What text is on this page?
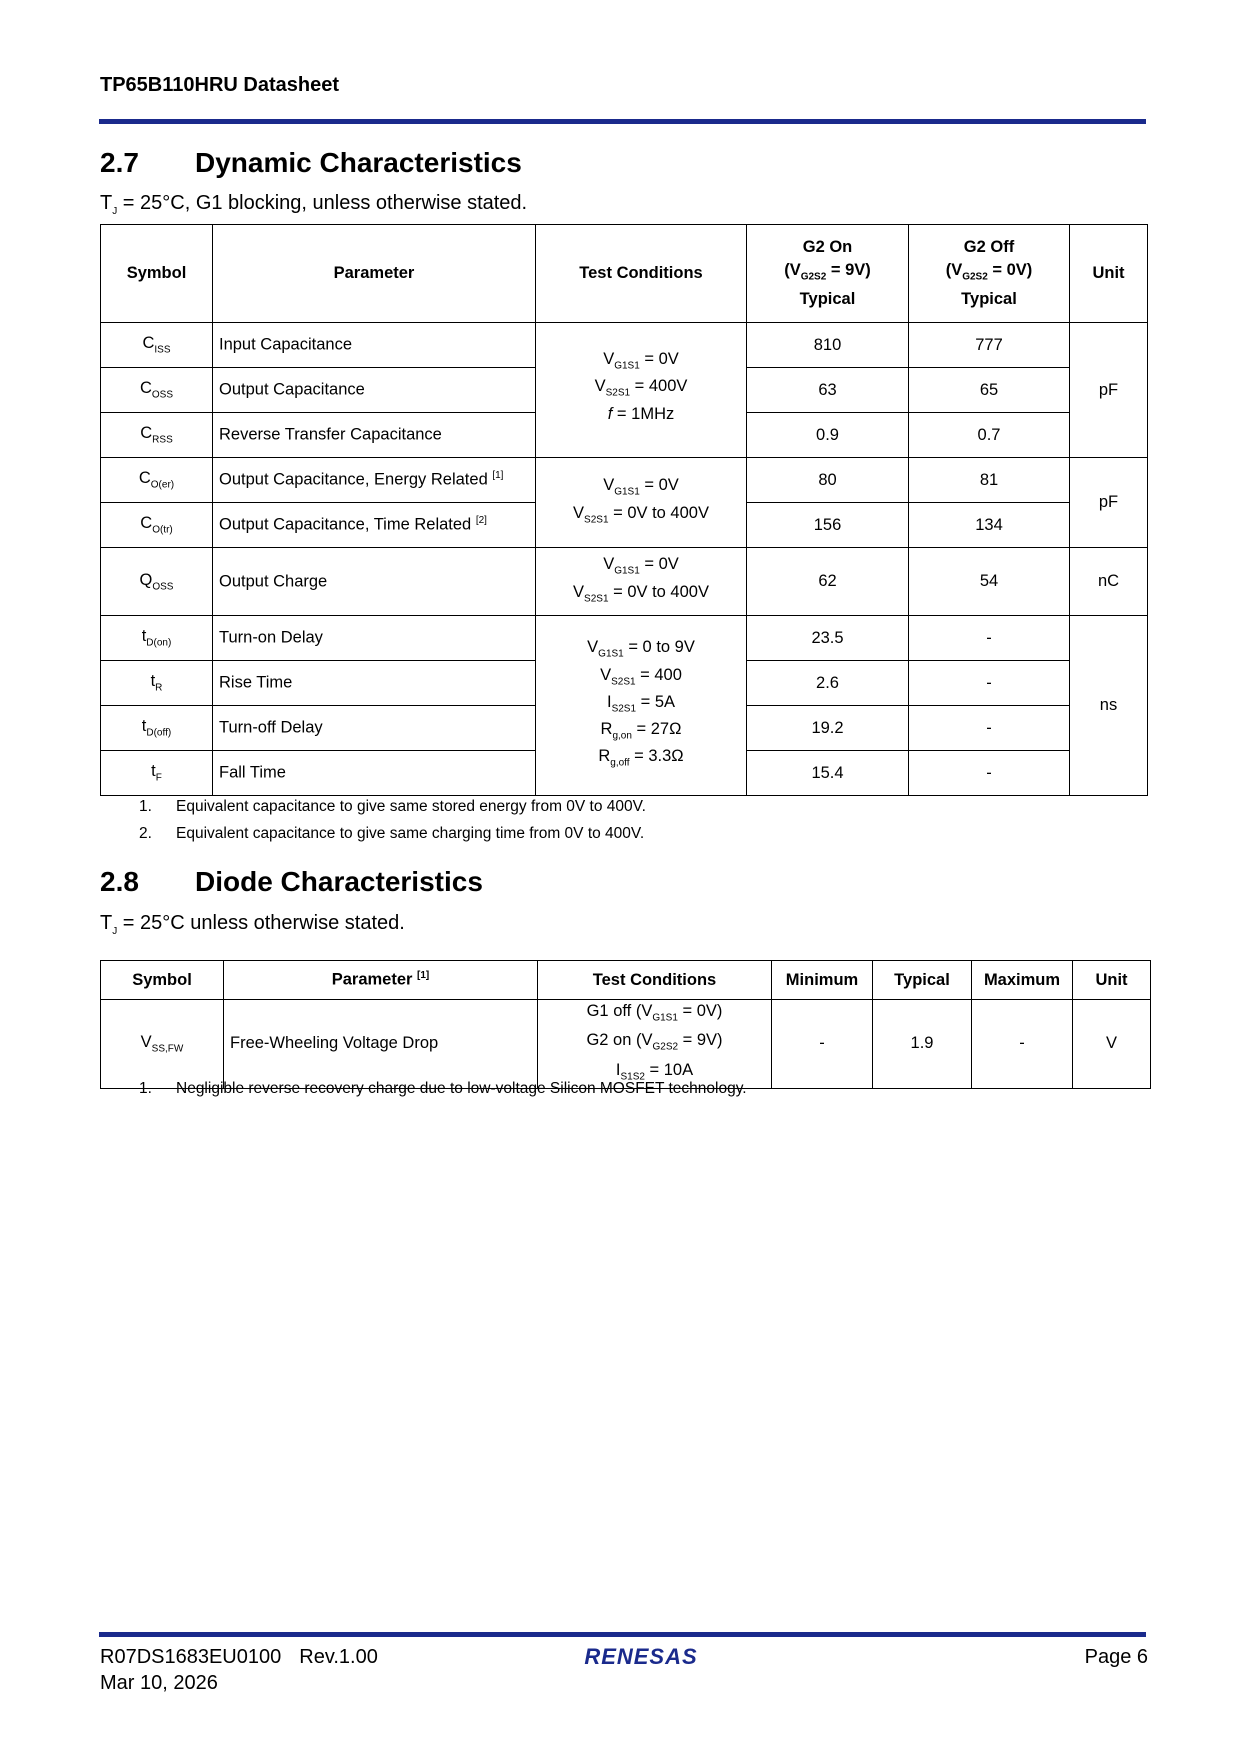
TP65B110HRU Datasheet
2.7 Dynamic Characteristics
$T_J = 25^\circ C$, G1 blocking, unless otherwise stated.
Symbol	Parameter	Test Conditions	G2 On
$(V_{G2S2} = 9V)$
Typical	G2 Off
$(V_{G2S2} = 0V)$
Typical	Unit
$C_{ISS}$	Input Capacitance	$V_{G1S1} = 0V$
$V_{S2S1} = 400V$
f = 1MHz	810	777	pF
$C_{OSS}$	Output Capacitance		63	65	
$C_{RSS}$	Reverse Transfer Capacitance		0.9	0.7	
$C_{O(er)}$	Output Capacitance, Energy Related [1]	$V_{G1S1} = 0V$
$V_{S2S1} = 0V$ to 400V	80	81	pF
$C_{O(tr)}$	Output Capacitance, Time Related [2]		156	134	
$Q_{OSS}$	Output Charge	$V_{G1S1} = 0V$
$V_{S2S1} = 0V$ to 400V	62	54	nC
$t_{D(on)}$	Turn-on Delay	$V_{G1S1} = 0$ to 9V
$V_{S2S1} = 400$
$I_{S2S1} = 5A$
$R_{g,on} = 27\Omega$
$R_{g,off} = 3.3\Omega$	23.5	-	ns
$t_R$	Rise Time		2.6	-	
$t_{D(off)}$	Turn-off Delay		19.2	-	
$t_F$	Fall Time		15.4	-	
1. Equivalent capacitance to give same stored energy from 0V to 400V.
2. Equivalent capacitance to give same charging time from 0V to 400V.
2.8 Diode Characteristics
$T_J = 25^\circ C$ unless otherwise stated.
Symbol	Parameter [1]	Test Conditions	Minimum	Typical	Maximum	Unit
$V_{SS,FW}$	Free-Wheeling Voltage Drop	G1 off $(V_{G1S1} = 0V)$
G2 on $(V_{G2S2} = 9V)$
$I_{S1S2} = 10A$	-	1.9	-	V
1. Negligible reverse recovery charge due to low-voltage Silicon MOSFET technology.
R07DS1683EU0100 Rev.1.00
Mar 10, 2026
RENESAS	Page 6
